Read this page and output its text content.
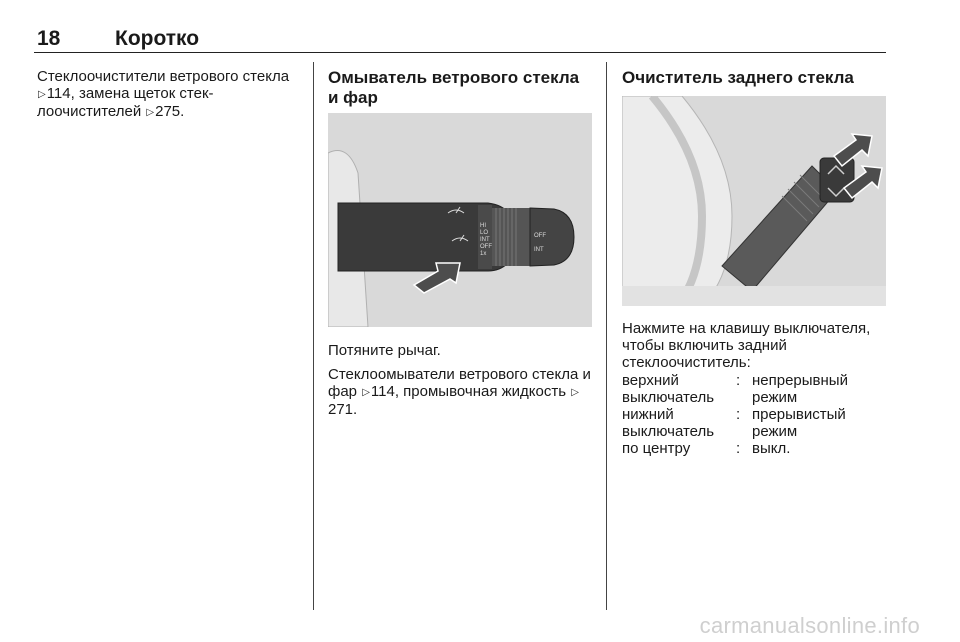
18	Коротко

Стеклоочистители ветрового стекла ▷114, замена щеток стеклоочистителей ▷275.

Омыватель ветрового стекла и фар
HI
LO
INT
OFF
1x
OFF
INT

Потяните рычаг.

Стеклоомыватели ветрового стекла и фар ▷114, промывочная жидкость ▷271.

Очиститель заднего стекла

Нажмите на клавишу выключателя, чтобы включить задний стеклоочиститель:

верхний выключатель
: непрерывный режим
нижний выключатель
: прерывистый режим
по центру	: выкл.
carmanualsonline.info
